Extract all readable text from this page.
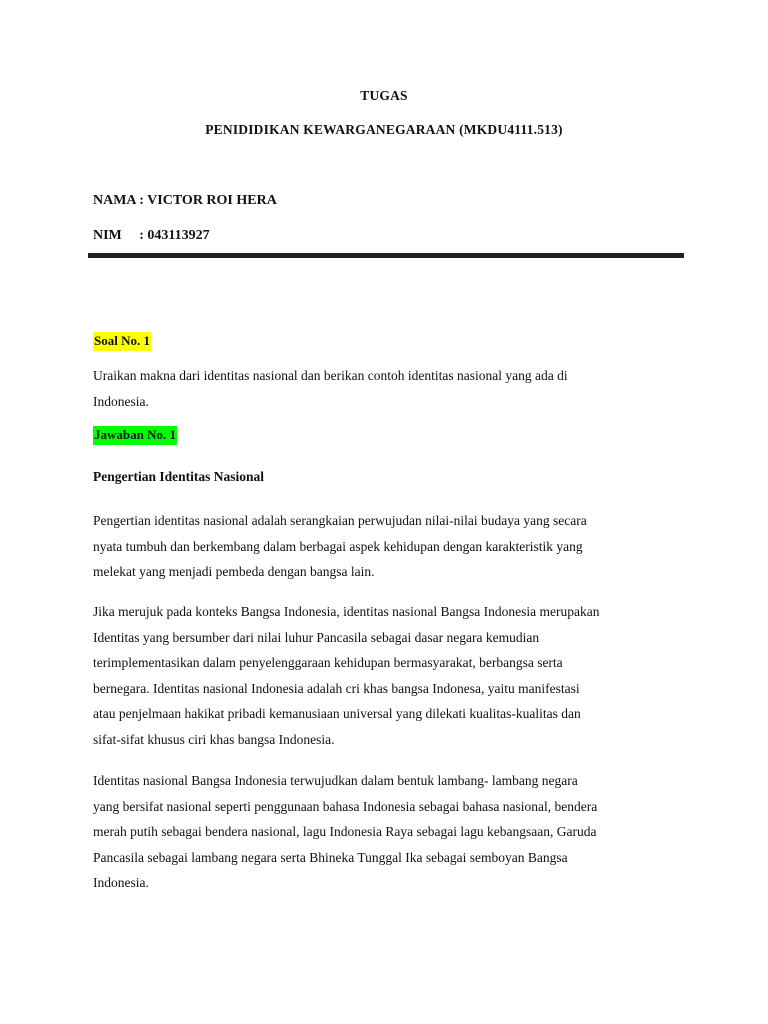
TUGAS
PENIDIDIKAN KEWARGANEGARAAN (MKDU4111.513)
NAMA : VICTOR ROI HERA
NIM     : 043113927
Soal No. 1

Uraikan makna dari identitas nasional dan berikan contoh identitas nasional yang ada di
Indonesia.

Jawaban No. 1
Pengertian Identitas Nasional

Pengertian identitas nasional adalah serangkaian perwujudan nilai-nilai budaya yang secara
nyata tumbuh dan berkembang dalam berbagai aspek kehidupan dengan karakteristik yang
melekat yang menjadi pembeda dengan bangsa lain.

Jika merujuk pada konteks Bangsa Indonesia, identitas nasional Bangsa Indonesia merupakan
Identitas yang bersumber dari nilai luhur Pancasila sebagai dasar negara kemudian
terimplementasikan dalam penyelenggaraan kehidupan bermasyarakat, berbangsa serta
bernegara. Identitas nasional Indonesia adalah cri khas bangsa Indonesa, yaitu manifestasi
atau penjelmaan hakikat pribadi kemanusiaan universal yang dilekati kualitas-kualitas dan
sifat-sifat khusus ciri khas bangsa Indonesia.

Identitas nasional Bangsa Indonesia terwujudkan dalam bentuk lambang- lambang negara
yang bersifat nasional seperti penggunaan bahasa Indonesia sebagai bahasa nasional, bendera
merah putih sebagai bendera nasional, lagu Indonesia Raya sebagai lagu kebangsaan, Garuda
Pancasila sebagai lambang negara serta Bhineka Tunggal Ika sebagai semboyan Bangsa
Indonesia.
